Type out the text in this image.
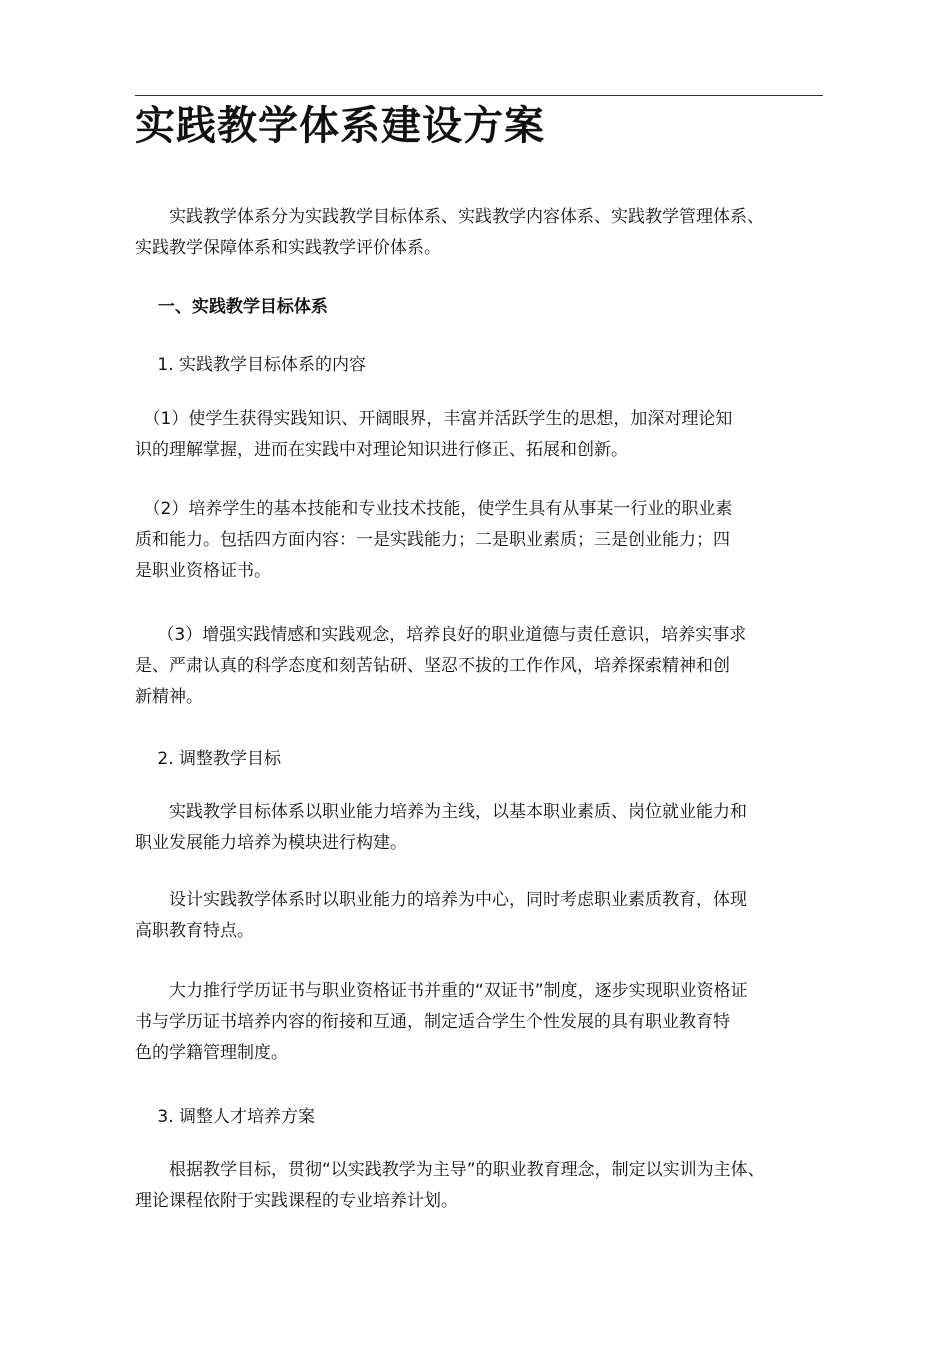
实践教学体系建设方案
　　实践教学体系分为实践教学目标体系、实践教学内容体系、实践教学管理体系、
实践教学保障体系和实践教学评价体系。
　 一、实践教学目标体系
　 1. 实践教学目标体系的内容
　（1）使学生获得实践知识、开阔眼界，丰富并活跃学生的思想，加深对理论知
识的理解掌握，进而在实践中对理论知识进行修正、拓展和创新。
　（2）培养学生的基本技能和专业技术技能，使学生具有从事某一行业的职业素
质和能力。包括四方面内容：一是实践能力；二是职业素质；三是创业能力；四
是职业资格证书。
　 （3）增强实践情感和实践观念，培养良好的职业道德与责任意识，培养实事求
是、严肃认真的科学态度和刻苦钻研、坚忍不拔的工作作风，培养探索精神和创
新精神。
　 2. 调整教学目标
　　实践教学目标体系以职业能力培养为主线，以基本职业素质、岗位就业能力和
职业发展能力培养为模块进行构建。
　　设计实践教学体系时以职业能力的培养为中心，同时考虑职业素质教育，体现
高职教育特点。
　　大力推行学历证书与职业资格证书并重的“双证书”制度，逐步实现职业资格证
书与学历证书培养内容的衔接和互通，制定适合学生个性发展的具有职业教育特
色的学籍管理制度。
　 3. 调整人才培养方案
　　根据教学目标，贯彻“以实践教学为主导”的职业教育理念，制定以实训为主体、
理论课程依附于实践课程的专业培养计划。
